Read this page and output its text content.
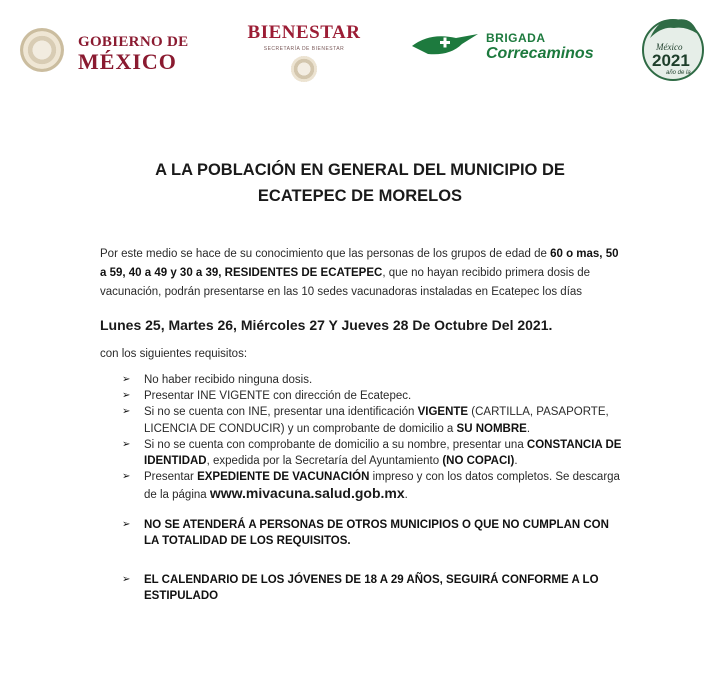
GOBIERNO DE
MÉXICO
BIENESTAR
SECRETARÍA DE BIENESTAR
BRIGADA
Correcaminos	México
2021
año de la
A LA POBLACIÓN EN GENERAL DEL MUNICIPIO DE
ECATEPEC DE MORELOS
Por este medio se hace de su conocimiento que las personas de los grupos de edad de 60 o mas, 50 a 59, 40 a 49 y 30 a 39, RESIDENTES DE ECATEPEC, que no hayan recibido primera dosis de vacunación, podrán presentarse en las 10 sedes vacunadoras instaladas en Ecatepec los días
Lunes 25, Martes 26, Miércoles 27 Y Jueves 28 De Octubre Del 2021.
con los siguientes requisitos:
➢ No haber recibido ninguna dosis.
➢ Presentar INE VIGENTE con dirección de Ecatepec.
➢ Si no se cuenta con INE, presentar una identificación VIGENTE (CARTILLA, PASAPORTE, LICENCIA DE CONDUCIR) y un comprobante de domicilio a SU NOMBRE.
➢ Si no se cuenta con comprobante de domicilio a su nombre, presentar una CONSTANCIA DE IDENTIDAD, expedida por la Secretaría del Ayuntamiento (NO COPACI).
➢ Presentar EXPEDIENTE DE VACUNACIÓN impreso y con los datos completos. Se descarga de la página www.mivacuna.salud.gob.mx.
➢ NO SE ATENDERÁ A PERSONAS DE OTROS MUNICIPIOS O QUE NO CUMPLAN CON LA TOTALIDAD DE LOS REQUISITOS.
➢ EL CALENDARIO DE LOS JÓVENES DE 18 A 29 AÑOS, SEGUIRÁ CONFORME A LO ESTIPULADO
